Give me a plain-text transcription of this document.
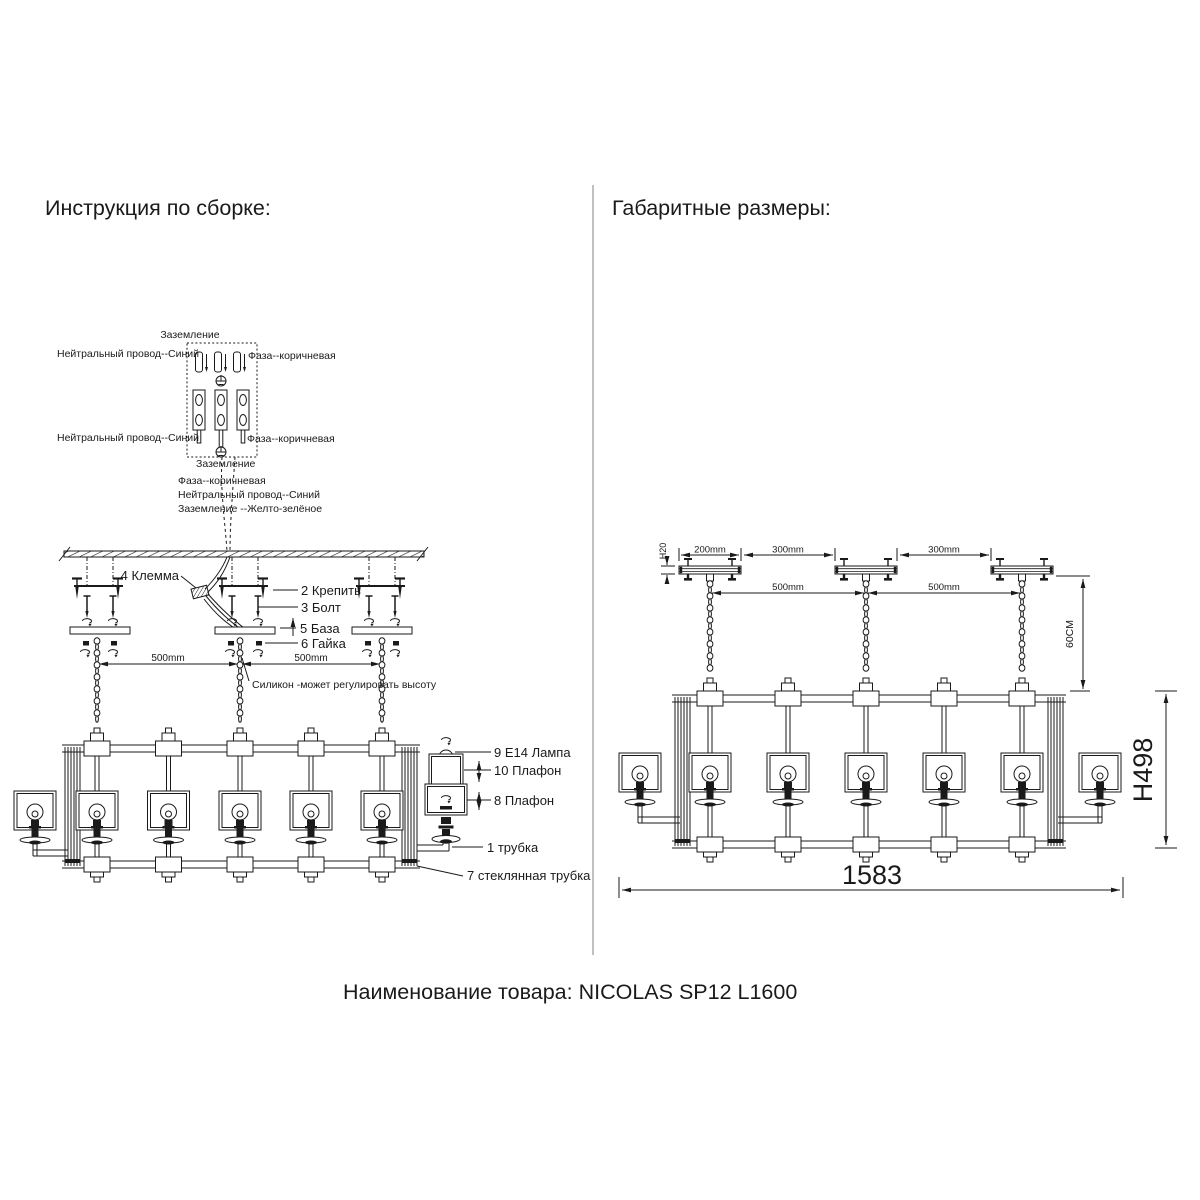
Инструкция по сборке:	Габаритные размеры:
Заземление
Нейтральный провод--Синий	Фаза--коричневая
Нейтральный провод--Синий	Фаза--коричневая
Заземление
Фаза--коричневая
Нейтральный провод--Синий
Заземление --Желто-зелёное
4 Клемма
2 Крепить
3 Болт
5 База
6 Гайка
500mm	500mm
Силикон -может регулировать высоту
9 E14 Лампа
10 Плафон
8 Плафон
1 трубка
7 стеклянная трубка
H20	200mm	300mm	300mm
500mm	500mm
60CM
H498
1583
Наименование товара: NICOLAS SP12 L1600
